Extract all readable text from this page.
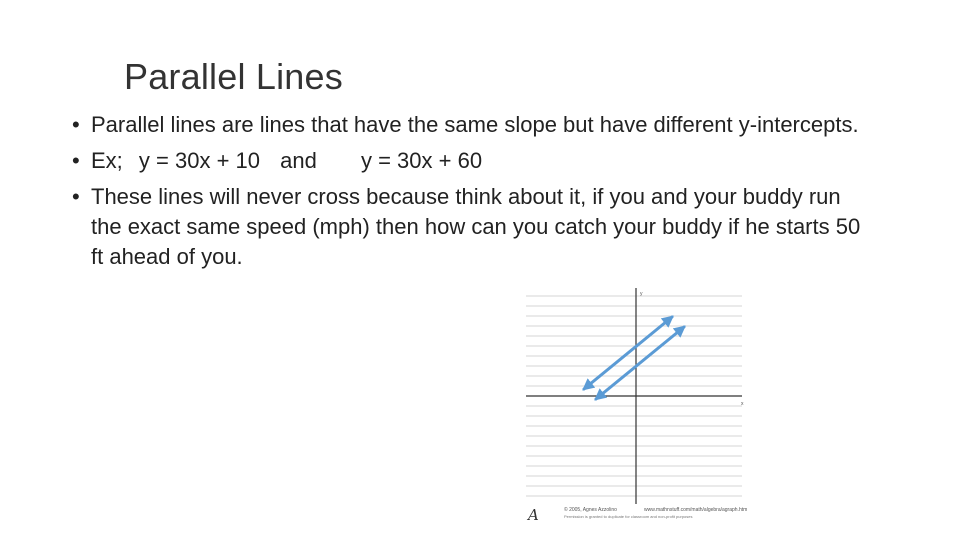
Parallel Lines
• Parallel lines are lines that have the same slope but have different y-intercepts.
• Ex; y = 30x + 10 and y = 30x + 60
• These lines will never cross because think about it, if you and your buddy run the exact same speed (mph) then how can you catch your buddy if he starts 50 ft ahead of you.
y
x
A	© 2005, Agnes Azzolino	www.mathnstuff.com/math/algebra/agraph.htm
Permission is granted to duplicate for classroom and non-profit purposes
